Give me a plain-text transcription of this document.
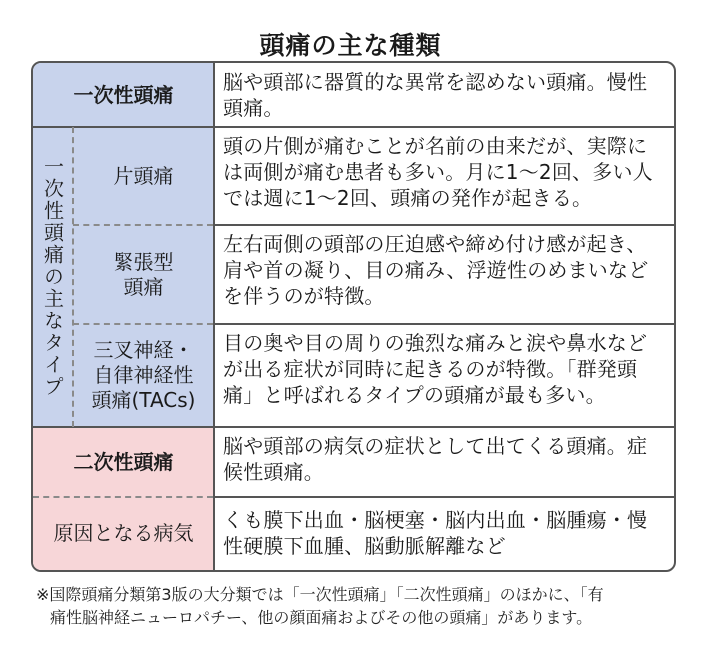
頭痛の主な種類
一次性頭痛
脳や頭部に器質的な異常を認めない頭痛。慢性頭痛。
一次性頭痛の主なタイプ	片頭痛
頭の片側が痛むことが名前の由来だが、実際には両側が痛む患者も多い。月に1〜2回、多い人では週に1〜2回、頭痛の発作が起きる。
緊張型
頭痛
左右両側の頭部の圧迫感や締め付け感が起き、肩や首の凝り、目の痛み、浮遊性のめまいなどを伴うのが特徴。
三叉神経・
自律神経性
頭痛(TACs)
目の奥や目の周りの強烈な痛みと涙や鼻水などが出る症状が同時に起きるのが特徴。「群発頭痛」と呼ばれるタイプの頭痛が最も多い。
二次性頭痛
脳や頭部の病気の症状として出てくる頭痛。症候性頭痛。
原因となる病気
くも膜下出血・脳梗塞・脳内出血・脳腫瘍・慢性硬膜下血腫、脳動脈解離など
※国際頭痛分類第3版の大分類では「一次性頭痛」「二次性頭痛」のほかに、「有
痛性脳神経ニューロパチー、他の顔面痛およびその他の頭痛」があります。
